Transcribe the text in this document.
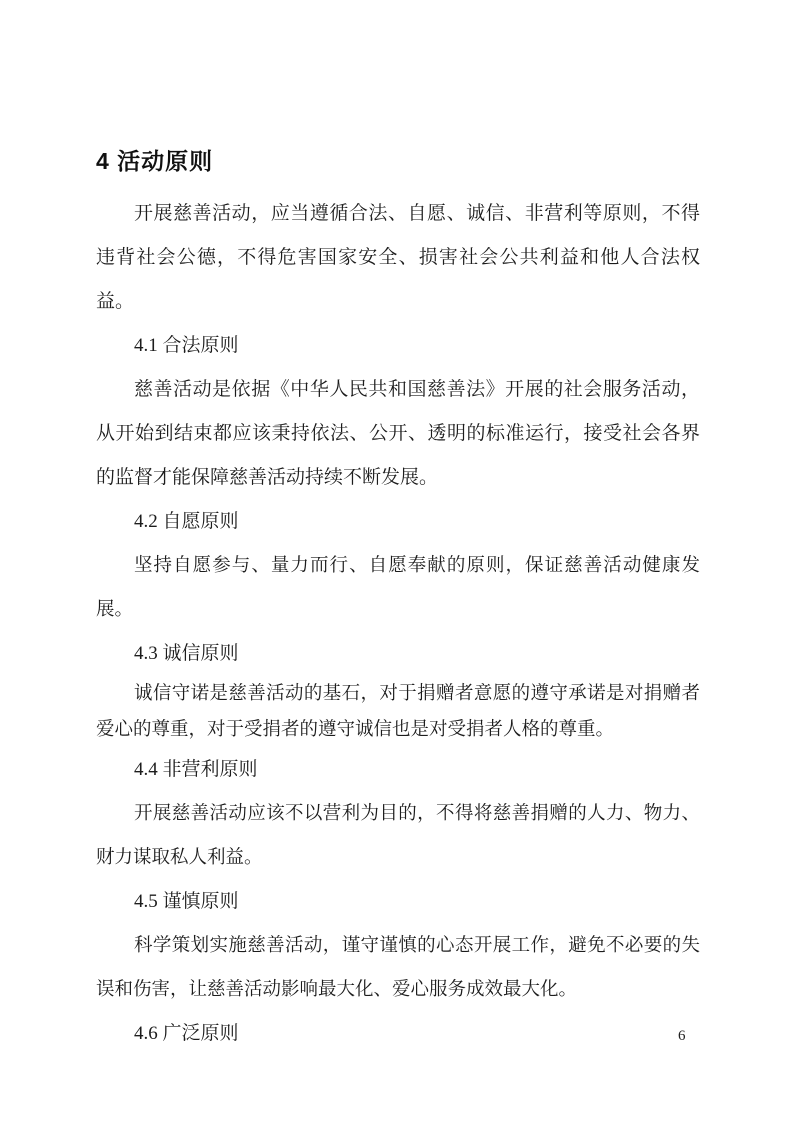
4 活动原则

开展慈善活动，应当遵循合法、自愿、诚信、非营利等原则，不得违背社会公德，不得危害国家安全、损害社会公共利益和他人合法权益。

4.1 合法原则

慈善活动是依据《中华人民共和国慈善法》开展的社会服务活动，从开始到结束都应该秉持依法、公开、透明的标准运行，接受社会各界的监督才能保障慈善活动持续不断发展。

4.2 自愿原则

坚持自愿参与、量力而行、自愿奉献的原则，保证慈善活动健康发展。

4.3 诚信原则

诚信守诺是慈善活动的基石，对于捐赠者意愿的遵守承诺是对捐赠者爱心的尊重，对于受捐者的遵守诚信也是对受捐者人格的尊重。

4.4 非营利原则

开展慈善活动应该不以营利为目的，不得将慈善捐赠的人力、物力、财力谋取私人利益。

4.5 谨慎原则

科学策划实施慈善活动，谨守谨慎的心态开展工作，避免不必要的失误和伤害，让慈善活动影响最大化、爱心服务成效最大化。

4.6 广泛原则	6
